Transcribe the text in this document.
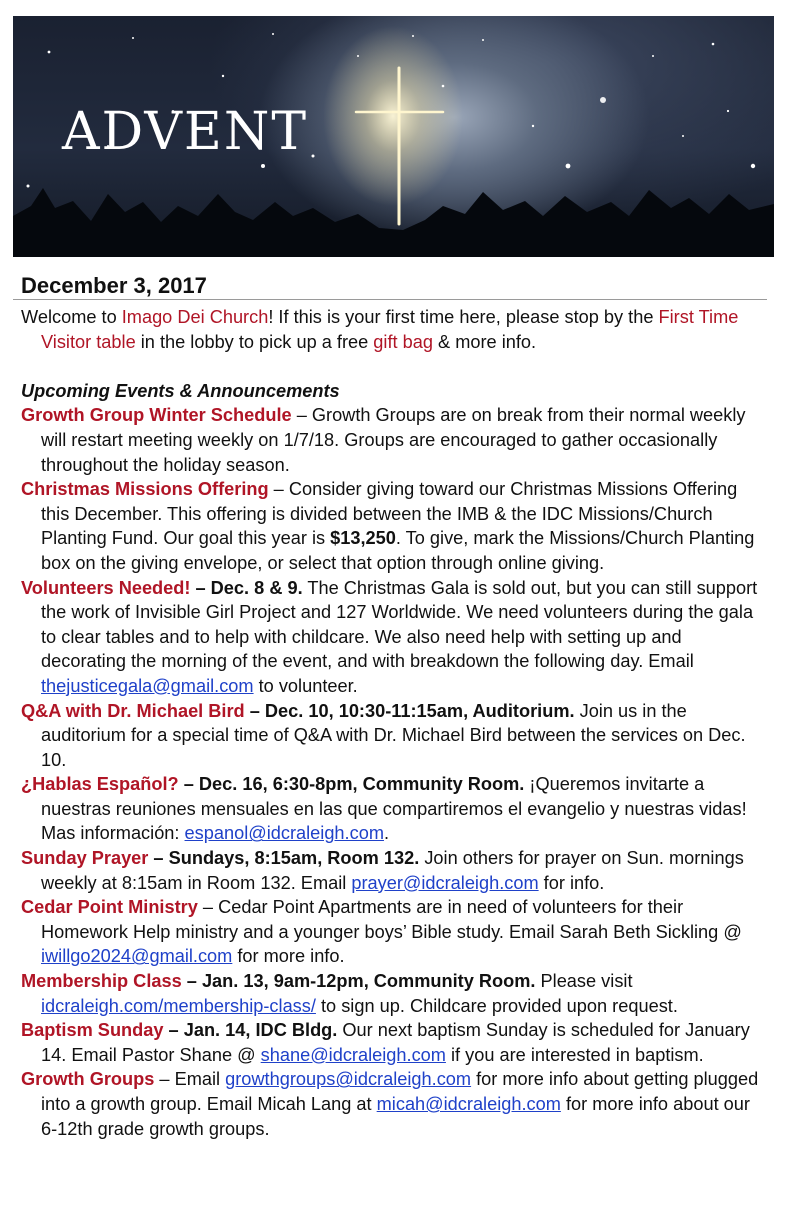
ADVENT
December 3, 2017

Welcome to Imago Dei Church! If this is your first time here, please stop by the First Time Visitor table in the lobby to pick up a free gift bag & more info.

Upcoming Events & Announcements

Growth Group Winter Schedule – Growth Groups are on break from their normal weekly will restart meeting weekly on 1/7/18. Groups are encouraged to gather occasionally throughout the holiday season.

Christmas Missions Offering – Consider giving toward our Christmas Missions Offering this December. This offering is divided between the IMB & the IDC Missions/Church Planting Fund. Our goal this year is $13,250. To give, mark the Missions/Church Planting box on the giving envelope, or select that option through online giving.

Volunteers Needed! – Dec. 8 & 9. The Christmas Gala is sold out, but you can still support the work of Invisible Girl Project and 127 Worldwide. We need volunteers during the gala to clear tables and to help with childcare. We also need help with setting up and decorating the morning of the event, and with breakdown the following day. Email thejusticegala@gmail.com to volunteer.

Q&A with Dr. Michael Bird – Dec. 10, 10:30-11:15am, Auditorium. Join us in the auditorium for a special time of Q&A with Dr. Michael Bird between the services on Dec. 10.

¿Hablas Español? – Dec. 16, 6:30-8pm, Community Room. ¡Queremos invitarte a nuestras reuniones mensuales en las que compartiremos el evangelio y nuestras vidas! Mas información: espanol@idcraleigh.com.

Sunday Prayer – Sundays, 8:15am, Room 132. Join others for prayer on Sun. mornings weekly at 8:15am in Room 132. Email prayer@idcraleigh.com for info.

Cedar Point Ministry – Cedar Point Apartments are in need of volunteers for their Homework Help ministry and a younger boys’ Bible study. Email Sarah Beth Sickling @ iwillgo2024@gmail.com for more info.

Membership Class – Jan. 13, 9am-12pm, Community Room. Please visit idcraleigh.com/membership-class/ to sign up. Childcare provided upon request.

Baptism Sunday – Jan. 14, IDC Bldg. Our next baptism Sunday is scheduled for January 14. Email Pastor Shane @ shane@idcraleigh.com if you are interested in baptism.

Growth Groups – Email growthgroups@idcraleigh.com for more info about getting plugged into a growth group. Email Micah Lang at micah@idcraleigh.com for more info about our 6-12th grade growth groups.
